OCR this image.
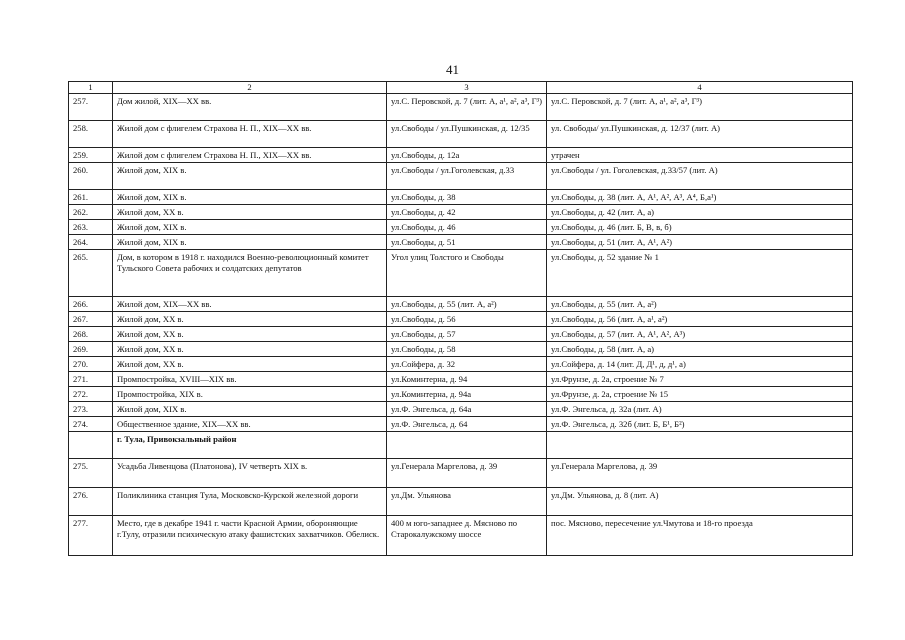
41
1	2	3	4
257.	Дом жилой, XIX—XX вв.	ул.С. Перовской, д. 7 (лит. А, а¹, а², а³, Г³)	ул.С. Перовской, д. 7 (лит. А, а¹, а², а³, Г³)
258.	Жилой дом с флигелем Страхова Н. П., XIX—XX вв.	ул.Свободы / ул.Пушкинская, д. 12/35	ул. Свободы/ ул.Пушкинская, д. 12/37 (лит. А)
259.	Жилой дом с флигелем Страхова Н. П., XIX—XX вв.	ул.Свободы, д. 12а	утрачен
260.	Жилой дом, XIX в.	ул.Свободы / ул.Гоголевская, д.33	ул.Свободы / ул. Гоголевская, д.33/57 (лит. А)
261.	Жилой дом, XIX в.	ул.Свободы, д. 38	ул.Свободы, д. 38 (лит. А, А¹, А², А³, А⁴, Б,а¹)
262.	Жилой дом, XX в.	ул.Свободы, д. 42	ул.Свободы, д. 42 (лит. А, а)
263.	Жилой дом, XIX в.	ул.Свободы, д. 46	ул.Свободы, д. 46 (лит. Б, В, в, б)
264.	Жилой дом, XIX в.	ул.Свободы, д. 51	ул.Свободы, д. 51 (лит. А, А¹, А²)
265.	Дом, в котором в 1918 г. находился Военно-революционный комитет Тульского Совета рабочих и солдатских депутатов	Угол улиц Толстого и Свободы	ул.Свободы, д. 52 здание № 1
266.	Жилой дом, XIX—XX вв.	ул.Свободы, д. 55 (лит. А, а²)	ул.Свободы, д. 55 (лит. А, а²)
267.	Жилой дом, XX в.	ул.Свободы, д. 56	ул.Свободы, д. 56 (лит. А, а¹, а²)
268.	Жилой дом, XX в.	ул.Свободы, д. 57	ул.Свободы, д. 57 (лит. А, А¹, А², А³)
269.	Жилой дом, XX в.	ул.Свободы, д. 58	ул.Свободы, д. 58 (лит. А, а)
270.	Жилой дом, XX в.	ул.Сойфера, д. 32	ул.Сойфера, д. 14 (лит. Д, Д¹, д, д¹, а)
271.	Промпостройка, XVIII—XIX вв.	ул.Коминтерна, д. 94	ул.Фрунзе, д. 2а, строение № 7
272.	Промпостройка, XIX в.	ул.Коминтерна, д. 94а	ул.Фрунзе, д. 2а, строение № 15
273.	Жилой дом, XIX в.	ул.Ф. Энгельса, д. 64а	ул.Ф. Энгельса, д. 32а (лит. А)
274.	Общественное здание, XIX—XX вв.	ул.Ф. Энгельса, д. 64	ул.Ф. Энгельса, д. 32б (лит. Б, Б¹, Б²)
	г. Тула, Привокзальный район		
275.	Усадьба Ливенцова (Платонова), IV четверть XIX в.	ул.Генерала Маргелова, д. 39	ул.Генерала Маргелова, д. 39
276.	Поликлиника станция Тула, Московско-Курской железной дороги	ул.Дм. Ульянова	ул.Дм. Ульянова, д. 8 (лит. А)
277.	Место, где в декабре 1941 г. части Красной Армии, обороняющие г.Тулу, отразили психическую атаку фашистских захватчиков. Обелиск.	400 м юго-западнее д. Мясново по Старокалужскому шоссе	пос. Мясново, пересечение ул.Чмутова и 18-го проезда
